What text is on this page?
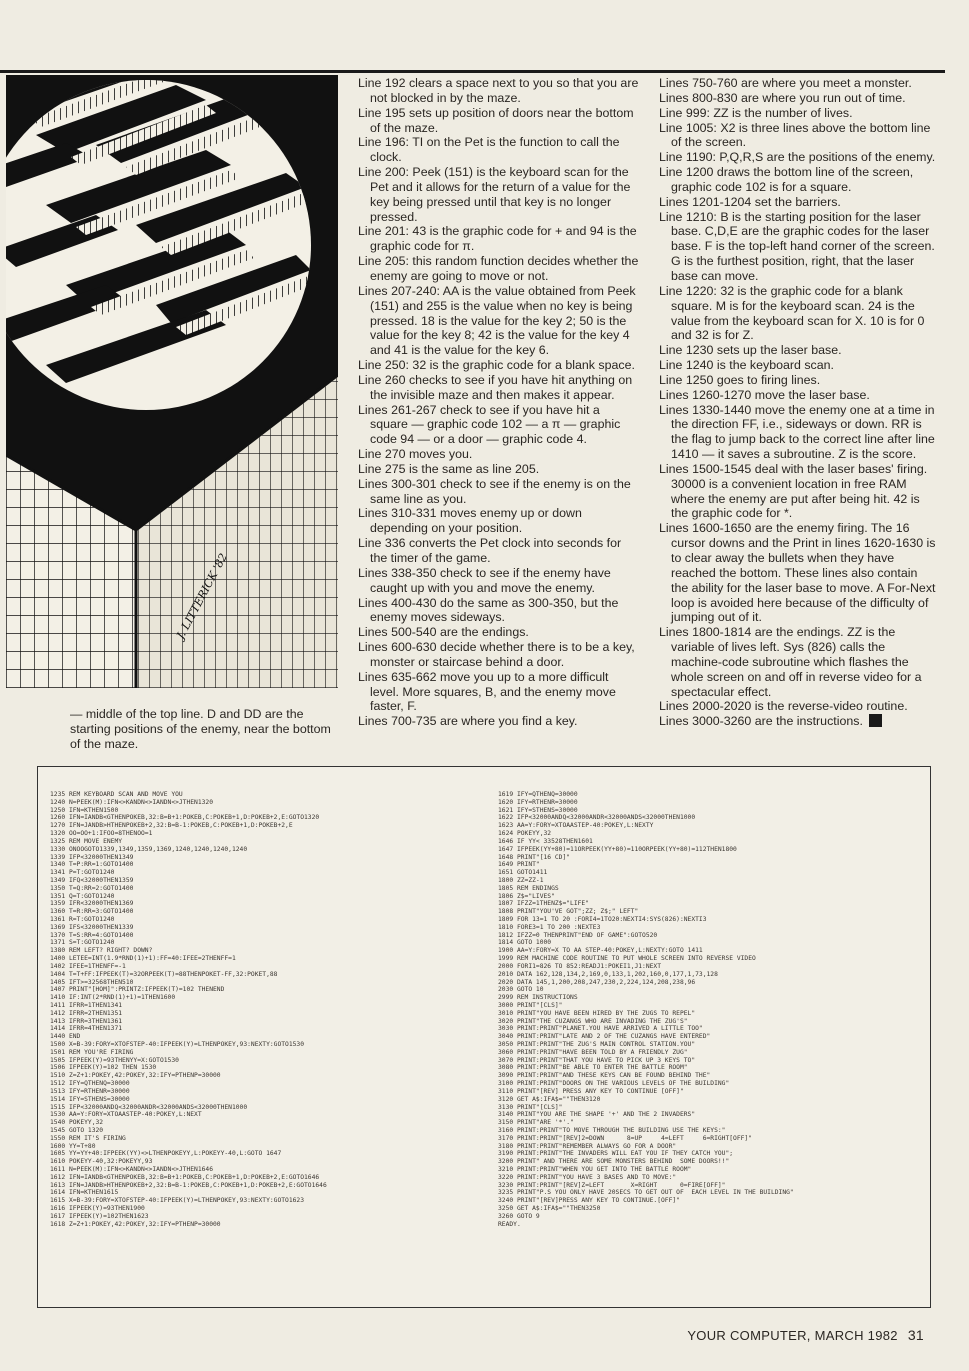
J. LITTERICK '82
— middle of the top line. D and DD are the starting positions of the enemy, near the bottom of the maze.

Line 192 clears a space next to you so that you are not blocked in by the maze.

Line 195 sets up position of doors near the bottom of the maze.

Line 196: TI on the Pet is the function to call the clock.

Line 200: Peek (151) is the keyboard scan for the Pet and it allows for the return of a value for the key being pressed until that key is no longer pressed.

Line 201: 43 is the graphic code for + and 94 is the graphic code for π.

Line 205: this random function decides whether the enemy are going to move or not.

Lines 207-240: AA is the value obtained from Peek (151) and 255 is the value when no key is being pressed. 18 is the value for the key 2; 50 is the value for the key 8; 42 is the value for the key 4 and 41 is the value for the key 6.

Line 250: 32 is the graphic code for a blank space.

Line 260 checks to see if you have hit anything on the invisible maze and then makes it appear.

Lines 261-267 check to see if you have hit a square — graphic code 102 — a π — graphic code 94 — or a door — graphic code 4.

Line 270 moves you.

Line 275 is the same as line 205.

Lines 300-301 check to see if the enemy is on the same line as you.

Lines 310-331 moves enemy up or down depending on your position.

Line 336 converts the Pet clock into seconds for the timer of the game.

Lines 338-350 check to see if the enemy have caught up with you and move the enemy.

Lines 400-430 do the same as 300-350, but the enemy moves sideways.

Lines 500-540 are the endings.

Lines 600-630 decide whether there is to be a key, monster or staircase behind a door.

Lines 635-662 move you up to a more difficult level. More squares, B, and the enemy move faster, F.

Lines 700-735 are where you find a key.

Lines 750-760 are where you meet a monster.

Lines 800-830 are where you run out of time.

Line 999: ZZ is the number of lives.

Line 1005: X2 is three lines above the bottom line of the screen.

Line 1190: P,Q,R,S are the positions of the enemy.

Line 1200 draws the bottom line of the screen, graphic code 102 is for a square.

Lines 1201-1204 set the barriers.

Line 1210: B is the starting position for the laser base. C,D,E are the graphic codes for the laser base. F is the top-left hand corner of the screen. G is the furthest position, right, that the laser base can move.

Line 1220: 32 is the graphic code for a blank square. M is for the keyboard scan. 24 is the value from the keyboard scan for X. 10 is for 0 and 32 is for Z.

Line 1230 sets up the laser base.

Line 1240 is the keyboard scan.

Line 1250 goes to firing lines.

Lines 1260-1270 move the laser base.

Lines 1330-1440 move the enemy one at a time in the direction FF, i.e., sideways or down. RR is the flag to jump back to the correct line after line 1410 — it saves a subroutine. Z is the score.

Lines 1500-1545 deal with the laser bases' firing. 30000 is a convenient location in free RAM where the enemy are put after being hit. 42 is the graphic code for *.

Lines 1600-1650 are the enemy firing. The 16 cursor downs and the Print in lines 1620-1630 is to clear away the bullets when they have reached the bottom. These lines also contain the ability for the laser base to move. A For-Next loop is avoided here because of the difficulty of jumping out of it.

Lines 1800-1814 are the endings. ZZ is the variable of lives left. Sys (826) calls the machine-code subroutine which flashes the whole screen on and off in reverse video for a spectacular effect.

Lines 2000-2020 is the reverse-video routine.

Lines 3000-3260 are the instructions.

1235 REM KEYBOARD SCAN AND MOVE YOU
1240 N=PEEK(M):IFN<>KANDN<>IANDN<>JTHEN1320
1250 IFN=KTHEN1500
1260 IFN=IANDB<GTHENPOKEB,32:B=B+1:POKEB,C:POKEB+1,D:POKEB+2,E:GOTO1320
1270 IFN=JANDB>HTHENPOKEB+2,32:B=B-1:POKEB,C:POKEB+1,D:POKEB+2,E
1320 OO=OO+1:IFOO=8THENOO=1
1325 REM MOVE ENEMY
1330 ONOOGOTO1339,1349,1359,1369,1240,1240,1240,1240
1339 IFP<32000THEN1349
1340 T=P:RR=1:GOTO1400
1341 P=T:GOTO1240
1349 IFQ<32000THEN1359
1350 T=Q:RR=2:GOTO1400
1351 Q=T:GOTO1240
1359 IFR<32000THEN1369
1360 T=R:RR=3:GOTO1400
1361 R=T:GOTO1240
1369 IFS<32000THEN1339
1370 T=S:RR=4:GOTO1400
1371 S=T:GOTO1240
1380 REM LEFT? RIGHT? DOWN?
1400 LETEE=INT(1.9*RND(1)+1):FF=40:IFEE=2THENFF=1
1402 IFEE=1THENFF=-1
1404 T=T+FF:IFPEEK(T)=32ORPEEK(T)=88THENPOKET-FF,32:POKET,88
1405 IFT>=32568THEN510
1407 PRINT"[HOM]":PRINTZ:IFPEEK(T)=102 THENEND
1410 IF:INT(2*RND(1)+1)=1THEN1600
1411 IFRR=1THEN1341
1412 IFRR=2THEN1351
1413 IFRR=3THEN1361
1414 IFRR=4THEN1371
1440 END
1500 X=B-39:FORY=XTOFSTEP-40:IFPEEK(Y)=LTHENPOKEY,93:NEXTY:GOTO1530
1501 REM YOU'RE FIRING
1505 IFPEEK(Y)=93THENYY=X:GOTO1530
1506 IFPEEK(Y)=102 THEN 1530
1510 Z=Z+1:POKEY,42:POKEY,32:IFY=PTHENP=30000
1512 IFY=QTHENQ=30000
1513 IFY=RTHENR=30000
1514 IFY=STHENS=30000
1515 IFP<32000ANDQ<32000ANDR<32000ANDS<32000THEN1000
1530 AA=Y:FORY=XTOAASTEP-40:POKEY,L:NEXT
1540 POKEYY,32
1545 GOTO 1320
1550 REM IT'S FIRING
1600 YY=T+80
1605 YY=YY+40:IFPEEK(YY)<>LTHENPOKEYY,L:POKEYY-40,L:GOTO 1647
1610 POKEYY-40,32:POKEYY,93
1611 N=PEEK(M):IFN<>KANDN<>IANDN<>JTHEN1646
1612 IFN=IANDB<GTHENPOKEB,32:B=B+1:POKEB,C:POKEB+1,D:POKEB+2,E:GOTO1646
1613 IFN=JANDB>HTHENPOKEB+2,32:B=B-1:POKEB,C:POKEB+1,D:POKEB+2,E:GOTO1646
1614 IFN=KTHEN1615
1615 X=B-39:FORY=XTOFSTEP-40:IFPEEK(Y)=LTHENPOKEY,93:NEXTY:GOTO1623
1616 IFPEEK(Y)=93THEN1900
1617 IFPEEK(Y)=102THEN1623
1618 Z=Z+1:POKEY,42:POKEY,32:IFY=PTHENP=30000
1619 IFY=QTHENQ=30000
1620 IFY=RTHENR=30000
1621 IFY=STHENS=30000
1622 IFP<32000ANDQ<32000ANDR<32000ANDS<32000THEN1000
1623 AA=Y:FORY=XTOAASTEP-40:POKEY,L:NEXTY
1624 POKEYY,32
1646 IF YY< 33528THEN1601
1647 IFPEEK(YY+80)=11ORPEEK(YY+80)=110ORPEEK(YY+80)=112THEN1800
1648 PRINT"[16 CD]"
1649 PRINT"
1651 GOTO1411
1800 ZZ=ZZ-1
1805 REM ENDINGS
1806 Z$="LIVES"
1807 IFZZ=1THENZ$="LIFE"
1808 PRINT"YOU'VE GOT";ZZ; Z$;" LEFT"
1809 FOR 13=1 TO 20 :FORI4=1TO20:NEXTI4:SYS(826):NEXTI3
1810 FORE3=1 TO 200 :NEXTE3
1812 IFZZ=0 THENPRINT"END OF GAME":GOTO520
1814 GOTO 1000
1900 AA=Y:FORY=X TO AA STEP-40:POKEY,L:NEXTY:GOTO 1411
1999 REM MACHINE CODE ROUTINE TO PUT WHOLE SCREEN INTO REVERSE VIDEO
2000 FORI1=826 TO 852:READJ1:POKEI1,J1:NEXT
2010 DATA 162,128,134,2,169,0,133,1,202,160,0,177,1,73,128
2020 DATA 145,1,200,208,247,230,2,224,124,208,238,96
2030 GOTO 10
2999 REM INSTRUCTIONS
3000 PRINT"[CLS]"
3010 PRINT"YOU HAVE BEEN HIRED BY THE ZUGS TO REPEL"
3020 PRINT"THE CUZANGS WHO ARE INVADING THE ZUG'S"
3030 PRINT:PRINT"PLANET.YOU HAVE ARRIVED A LITTLE TOO"
3040 PRINT:PRINT"LATE AND 2 OF THE CUZANGS HAVE ENTERED"
3050 PRINT:PRINT"THE ZUG'S MAIN CONTROL STATION.YOU"
3060 PRINT:PRINT"HAVE BEEN TOLD BY A FRIENDLY ZUG"
3070 PRINT:PRINT"THAT YOU HAVE TO PICK UP 3 KEYS TO"
3080 PRINT:PRINT"BE ABLE TO ENTER THE BATTLE ROOM"
3090 PRINT:PRINT"AND THESE KEYS CAN BE FOUND BEHIND THE"
3100 PRINT:PRINT"DOORS ON THE VARIOUS LEVELS OF THE BUILDING"
3110 PRINT"[REV] PRESS ANY KEY TO CONTINUE [OFF]"
3120 GET A$:IFA$=""THEN3120
3130 PRINT"[CLS]"
3140 PRINT"YOU ARE THE SHAPE '+' AND THE 2 INVADERS"
3150 PRINT"ARE '*'."
3160 PRINT:PRINT"TO MOVE THROUGH THE BUILDING USE THE KEYS:"
3170 PRINT:PRINT"[REV]2=DOWN      8=UP     4=LEFT     6=RIGHT[OFF]"
3180 PRINT:PRINT"REMEMBER ALWAYS GO FOR A DOOR"
3190 PRINT:PRINT"THE INVADERS WILL EAT YOU IF THEY CATCH YOU";
3200 PRINT" AND THERE ARE SOME MONSTERS BEHIND  SOME DOORS!!"
3210 PRINT:PRINT"WHEN YOU GET INTO THE BATTLE ROOM"
3220 PRINT:PRINT"YOU HAVE 3 BASES AND TO MOVE:"
3230 PRINT:PRINT"[REV]Z=LEFT       X=RIGHT      0=FIRE[OFF]"
3235 PRINT"P.S YOU ONLY HAVE 20SECS TO GET OUT OF  EACH LEVEL IN THE BUILDING"
3240 PRINT"[REV]PRESS ANY KEY TO CONTINUE.[OFF]"
3250 GET A$:IFA$=""THEN3250
3260 GOTO 9
READY.
YOUR COMPUTER, MARCH 1982 31
